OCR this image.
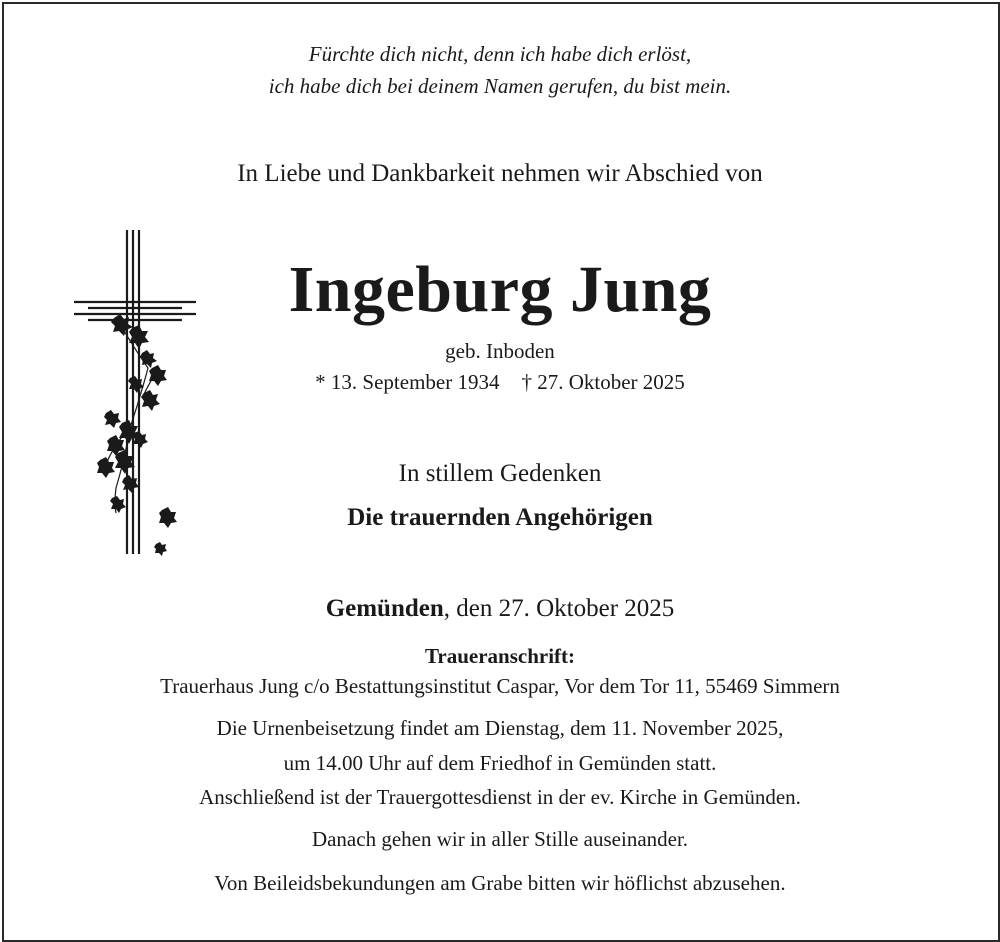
Fürchte dich nicht, denn ich habe dich erlöst,
ich habe dich bei deinem Namen gerufen, du bist mein.
In Liebe und Dankbarkeit nehmen wir Abschied von
Ingeburg Jung
geb. Inboden
* 13. September 1934 † 27. Oktober 2025
In stillem Gedenken
Die trauernden Angehörigen
Gemünden, den 27. Oktober 2025
Traueranschrift:
Trauerhaus Jung c/o Bestattungsinstitut Caspar, Vor dem Tor 11, 55469 Simmern
Die Urnenbeisetzung findet am Dienstag, dem 11. November 2025,
um 14.00 Uhr auf dem Friedhof in Gemünden statt.
Anschließend ist der Trauergottesdienst in der ev. Kirche in Gemünden.
Danach gehen wir in aller Stille auseinander.
Von Beileidsbekundungen am Grabe bitten wir höflichst abzusehen.
